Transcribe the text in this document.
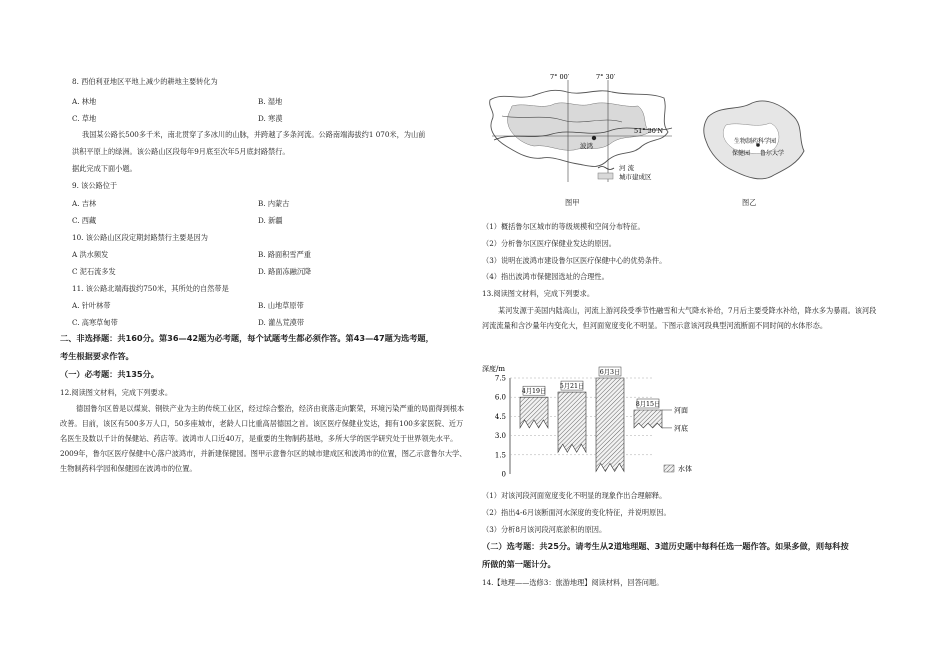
8. 西伯利亚地区平地上减少的耕地主要转化为
A. 林地	B. 湿地
C. 草地	D. 寒漠
我国某公路长500多千米，南北贯穿了多冰川的山脉，并跨越了多条河流。公路南端海拔约1 070米，为山前
洪积平原上的绿洲。该公路山区段每年9月底至次年5月底封路禁行。
据此完成下面小题。
9. 该公路位于
A. 吉林	B. 内蒙古
C. 西藏	D. 新疆
10. 该公路山区段定期封路禁行主要是因为
A 洪水频发	B. 路面积雪严重
C 泥石流多发	D. 路面冻融沉降
11. 该公路北端海拔约750米，其所处的自然带是
A. 针叶林带	B. 山地草原带
C. 高寒草甸带	D. 灌丛荒漠带
二、非选择题：共160分。第36—42题为必考题，每个试题考生都必须作答。第43—47题为选考题，
考生根据要求作答。
（一）必考题：共135分。
12.阅读图文材料，完成下列要求。
德国鲁尔区曾是以煤炭、钢铁产业为主的传统工业区，经过综合整治，经济由衰落走向繁荣，环境污染严重的局面得到根本改善。目前，该区有500多万人口，50多座城市，老龄人口比重高居德国之首。该区医疗保健业发达，拥有100多家医院、近万名医生及数以千计的保健站、药店等。波鸿市人口近40万，是重要的生物制药基地，多所大学的医学研究处于世界领先水平。2009年，鲁尔区医疗保健中心落户波鸿市，并新建保健园。图甲示意鲁尔区的城市建成区和波鸿市的位置，图乙示意鲁尔大学、生物制药科学园和保健园在波鸿市的位置。
7° 00′	7° 30′
51° 30′N
波鸿
河 流
城市建成区
图甲
生物制药科学园
保健园 鲁尔大学
图乙
（1）概括鲁尔区城市的等级规模和空间分布特征。
（2）分析鲁尔区医疗保健业发达的原因。
（3）说明在波鸿市建设鲁尔区医疗保健中心的优势条件。
（4）指出波鸿市保健园选址的合理性。
13.阅读图文材料，完成下列要求。
某河发源于美国内陆高山，河流上游河段受季节性融雪和大气降水补给，7月后主要受降水补给，降水多为暴雨。该河段河流流量和含沙量年内变化大，但河面宽度变化不明显。下图示意该河段典型河流断面不同时间的水体形态。
深度/m
7.5
6.0
4.5
3.0
1.5
0
4月19日
5月21日
6月3日
8月15日
河面
河底
水体
（1）对该河段河面宽度变化不明显的现象作出合理解释。
（2）指出4-6月该断面河水深度的变化特征，并说明原因。
（3）分析8月该河段河底淤积的原因。
（二）选考题：共25分。请考生从2道地理题、3道历史题中每科任选一题作答。如果多做，则每科按
所做的第一题计分。
14.【地理——选修3：旅游地理】阅读材料，回答问题。
